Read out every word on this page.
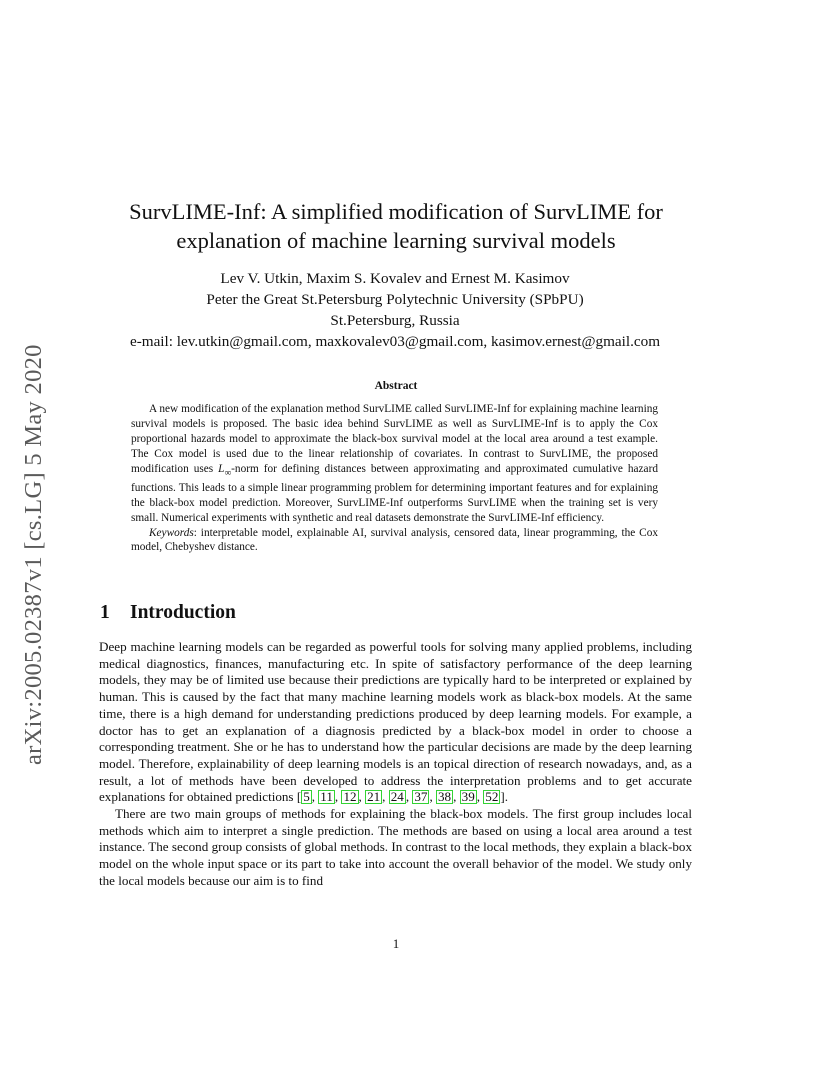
arXiv:2005.02387v1 [cs.LG] 5 May 2020
SurvLIME-Inf: A simplified modification of SurvLIME for
explanation of machine learning survival models
Lev V. Utkin, Maxim S. Kovalev and Ernest M. Kasimov
Peter the Great St.Petersburg Polytechnic University (SPbPU)
St.Petersburg, Russia
e-mail: lev.utkin@gmail.com, maxkovalev03@gmail.com, kasimov.ernest@gmail.com
Abstract

A new modification of the explanation method SurvLIME called SurvLIME-Inf for explaining machine learning survival models is proposed. The basic idea behind SurvLIME as well as SurvLIME-Inf is to apply the Cox proportional hazards model to approximate the black-box survival model at the local area around a test example. The Cox model is used due to the linear relationship of covariates. In contrast to SurvLIME, the proposed modification uses $L_\infty$-norm for defining distances between approximating and approximated cumulative hazard functions. This leads to a simple linear programming problem for determining important features and for explaining the black-box model prediction. Moreover, SurvLIME-Inf outperforms SurvLIME when the training set is very small. Numerical experiments with synthetic and real datasets demonstrate the SurvLIME-Inf efficiency.

Keywords: interpretable model, explainable AI, survival analysis, censored data, linear programming, the Cox model, Chebyshev distance.

1 Introduction

Deep machine learning models can be regarded as powerful tools for solving many applied problems, including medical diagnostics, finances, manufacturing etc. In spite of satisfactory performance of the deep learning models, they may be of limited use because their predictions are typically hard to be interpreted or explained by human. This is caused by the fact that many machine learning models work as black-box models. At the same time, there is a high demand for understanding predictions produced by deep learning models. For example, a doctor has to get an explanation of a diagnosis predicted by a black-box model in order to choose a corresponding treatment. She or he has to understand how the particular decisions are made by the deep learning model. Therefore, explainability of deep learning models is an topical direction of research nowadays, and, as a result, a lot of methods have been developed to address the interpretation problems and to get accurate explanations for obtained predictions [ 5 , 11 , 12 , 21 , 24 , 37 , 38 , 39 , 52 ].

There are two main groups of methods for explaining the black-box models. The first group includes local methods which aim to interpret a single prediction. The methods are based on using a local area around a test instance. The second group consists of global methods. In contrast to the local methods, they explain a black-box model on the whole input space or its part to take into account the overall behavior of the model. We study only the local models because our aim is to find

1
